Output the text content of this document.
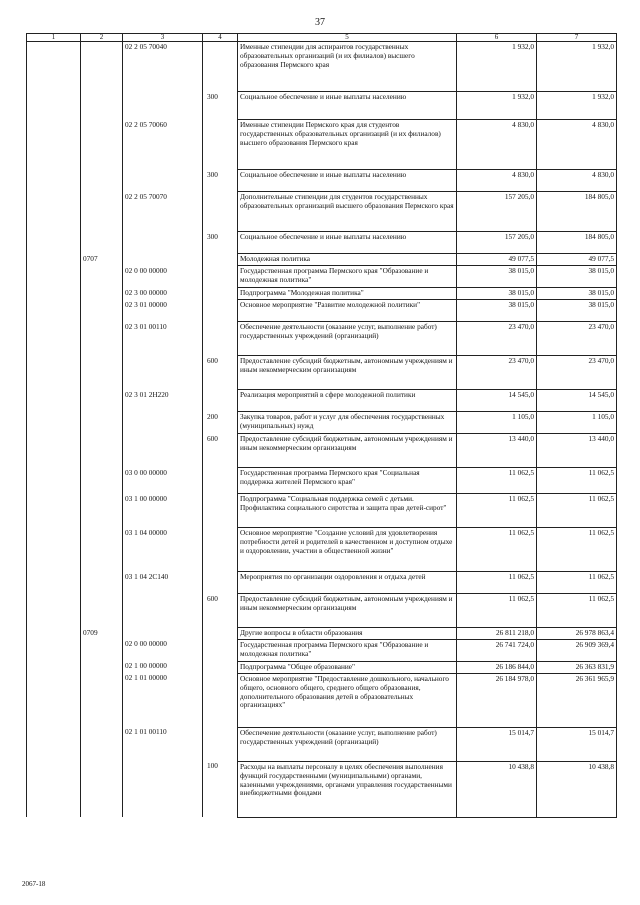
37
1	2	3	4	5	6	7
		02 2 05 70040		Именные стипендии для аспирантов государственных образовательных организаций (и их филиалов) высшего образования Пермского края	1 932,0	1 932,0
			300	Социальное обеспечение и иные выплаты населению	1 932,0	1 932,0
		02 2 05 70060		Именные стипендии Пермского края для студентов государственных образовательных организаций (и их филиалов) высшего образования Пермского края	4 830,0	4 830,0
			300	Социальное обеспечение и иные выплаты населению	4 830,0	4 830,0
		02 2 05 70070		Дополнительные стипендии для студентов государственных образовательных организаций высшего образования Пермского края	157 205,0	184 805,0
			300	Социальное обеспечение и иные выплаты населению	157 205,0	184 805,0
	0707			Молодежная политика	49 077,5	49 077,5
		02 0 00 00000		Государственная программа Пермского края "Образование и молодежная политика"	38 015,0	38 015,0
		02 3 00 00000		Подпрограмма "Молодежная политика"	38 015,0	38 015,0
		02 3 01 00000		Основное мероприятие "Развитие молодежной политики"	38 015,0	38 015,0
		02 3 01 00110		Обеспечение деятельности (оказание услуг, выполнение работ) государственных учреждений (организаций)	23 470,0	23 470,0
			600	Предоставление субсидий бюджетным, автономным учреждениям и иным некоммерческим организациям	23 470,0	23 470,0
		02 3 01 2Н220		Реализация мероприятий в сфере молодежной политики	14 545,0	14 545,0
			200	Закупка товаров, работ и услуг для обеспечения государственных (муниципальных) нужд	1 105,0	1 105,0
			600	Предоставление субсидий бюджетным, автономным учреждениям и иным некоммерческим организациям	13 440,0	13 440,0
		03 0 00 00000		Государственная программа Пермского края "Социальная поддержка жителей Пермского края"	11 062,5	11 062,5
		03 1 00 00000		Подпрограмма "Социальная поддержка семей с детьми. Профилактика социального сиротства и защита прав детей-сирот"	11 062,5	11 062,5
		03 1 04 00000		Основное мероприятие "Создание условий для удовлетворения потребности детей и родителей в качественном и доступном отдыхе и оздоровлении, участии в общественной жизни"	11 062,5	11 062,5
		03 1 04 2С140		Мероприятия по организации оздоровления и отдыха детей	11 062,5	11 062,5
			600	Предоставление субсидий бюджетным, автономным учреждениям и иным некоммерческим организациям	11 062,5	11 062,5
	0709			Другие вопросы в области образования	26 811 218,0	26 978 863,4
		02 0 00 00000		Государственная программа Пермского края "Образование и молодежная политика"	26 741 724,0	26 909 369,4
		02 1 00 00000		Подпрограмма "Общее образование"	26 186 844,0	26 363 831,9
		02 1 01 00000		Основное мероприятие "Предоставление дошкольного, начального общего, основного общего, среднего общего образования, дополнительного образования детей в образовательных организациях"	26 184 978,0	26 361 965,9
		02 1 01 00110		Обеспечение деятельности (оказание услуг, выполнение работ) государственных учреждений (организаций)	15 014,7	15 014,7
			100	Расходы на выплаты персоналу в целях обеспечения выполнения функций государственными (муниципальными) органами, казенными учреждениями, органами управления государственными внебюджетными фондами	10 438,8	10 438,8
2067-18
